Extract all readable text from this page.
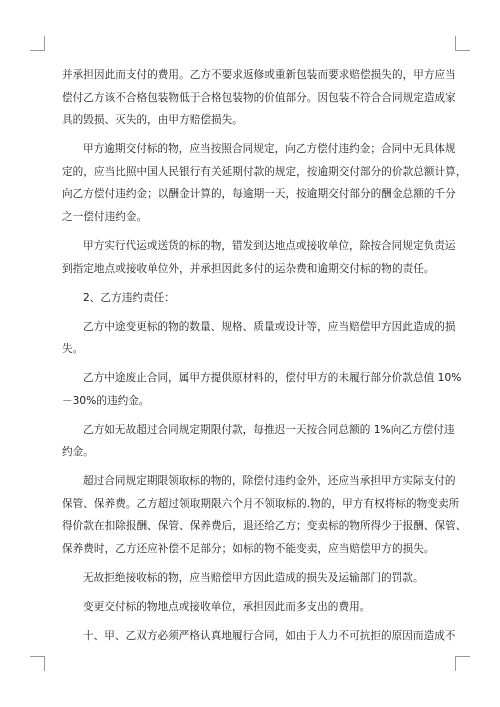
并承担因此而支付的费用。乙方不要求返修或重新包装而要求赔偿损失的，甲方应当
偿付乙方该不合格包装物低于合格包装物的价值部分。因包装不符合合同规定造成家
具的毁损、灭失的，由甲方赔偿损失。
甲方逾期交付标的物，应当按照合同规定，向乙方偿付违约金；合同中无具体规
定的，应当比照中国人民银行有关延期付款的规定，按逾期交付部分的价款总额计算，
向乙方偿付违约金；以酬金计算的，每逾期一天，按逾期交付部分的酬金总额的千分
之一偿付违约金。
甲方实行代运或送货的标的物，错发到达地点或接收单位，除按合同规定负责运
到指定地点或接收单位外，并承担因此多付的运杂费和逾期交付标的物的责任。
2、乙方违约责任：
乙方中途变更标的物的数量、规格、质量或设计等，应当赔偿甲方因此造成的损
失。
乙方中途废止合同，属甲方提供原材料的，偿付甲方的未履行部分价款总值 10%
－30%的违约金。
乙方如无故超过合同规定期限付款，每推迟一天按合同总额的 1%向乙方偿付违
约金。
超过合同规定期限领取标的物的，除偿付违约金外，还应当承担甲方实际支付的
保管、保养费。乙方超过领取期限六个月不领取标的.物的，甲方有权将标的物变卖所
得价款在扣除报酬、保管、保养费后，退还给乙方；变卖标的物所得少于报酬、保管、
保养费时，乙方还应补偿不足部分；如标的物不能变卖，应当赔偿甲方的损失。
无故拒绝接收标的物，应当赔偿甲方因此造成的损失及运输部门的罚款。
变更交付标的物地点或接收单位，承担因此而多支出的费用。
十、甲、乙双方必须严格认真地履行合同，如由于人力不可抗拒的原因而造成不
